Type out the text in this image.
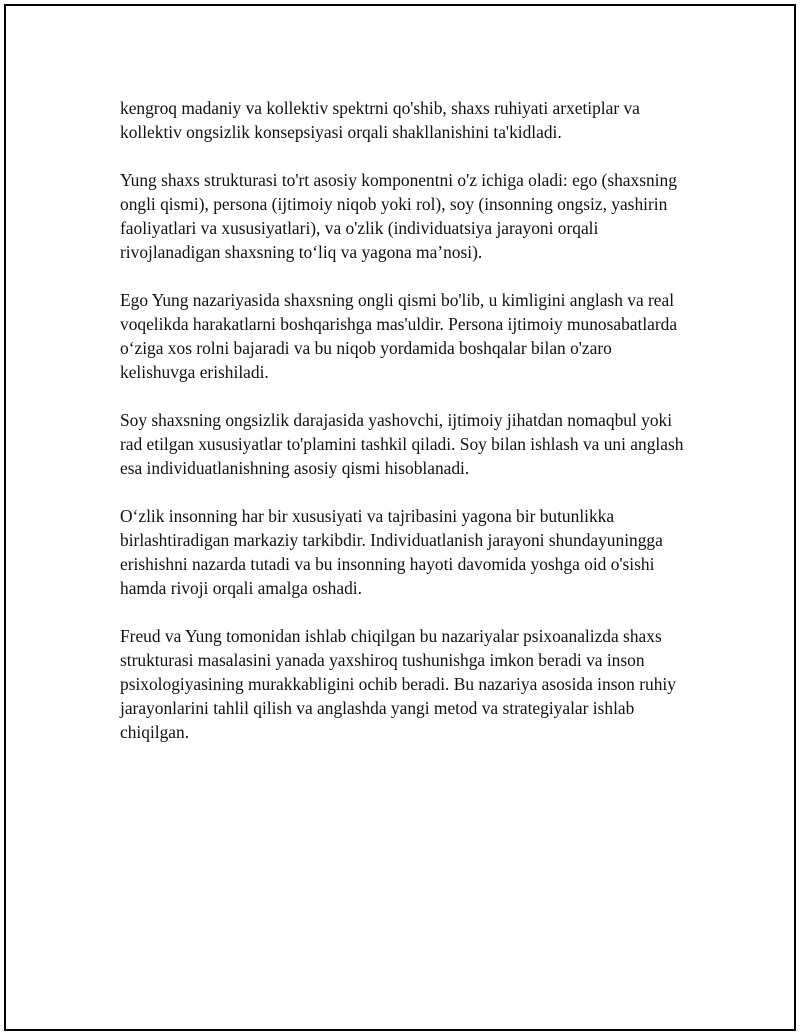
kengroq madaniy va kollektiv spektrni qo'shib, shaxs ruhiyati arxetiplar va kollektiv ongsizlik konsepsiyasi orqali shakllanishini ta'kidladi.

Yung shaxs strukturasi to'rt asosiy komponentni o'z ichiga oladi: ego (shaxsning ongli qismi), persona (ijtimoiy niqob yoki rol), soy (insonning ongsiz, yashirin faoliyatlari va xususiyatlari), va o'zlik (individuatsiya jarayoni orqali rivojlanadigan shaxsning to‘liq va yagona ma’nosi).

Ego Yung nazariyasida shaxsning ongli qismi bo'lib, u kimligini anglash va real voqelikda harakatlarni boshqarishga mas'uldir. Persona ijtimoiy munosabatlarda o‘ziga xos rolni bajaradi va bu niqob yordamida boshqalar bilan o'zaro kelishuvga erishiladi.

Soy shaxsning ongsizlik darajasida yashovchi, ijtimoiy jihatdan nomaqbul yoki rad etilgan xususiyatlar to'plamini tashkil qiladi. Soy bilan ishlash va uni anglash esa individuatlanishning asosiy qismi hisoblanadi.

O‘zlik insonning har bir xususiyati va tajribasini yagona bir butunlikka birlashtiradigan markaziy tarkibdir. Individuatlanish jarayoni shundayuningga erishishni nazarda tutadi va bu insonning hayoti davomida yoshga oid o'sishi hamda rivoji orqali amalga oshadi.

Freud va Yung tomonidan ishlab chiqilgan bu nazariyalar psixoanalizda shaxs strukturasi masalasini yanada yaxshiroq tushunishga imkon beradi va inson psixologiyasining murakkabligini ochib beradi. Bu nazariya asosida inson ruhiy jarayonlarini tahlil qilish va anglashda yangi metod va strategiyalar ishlab chiqilgan.
